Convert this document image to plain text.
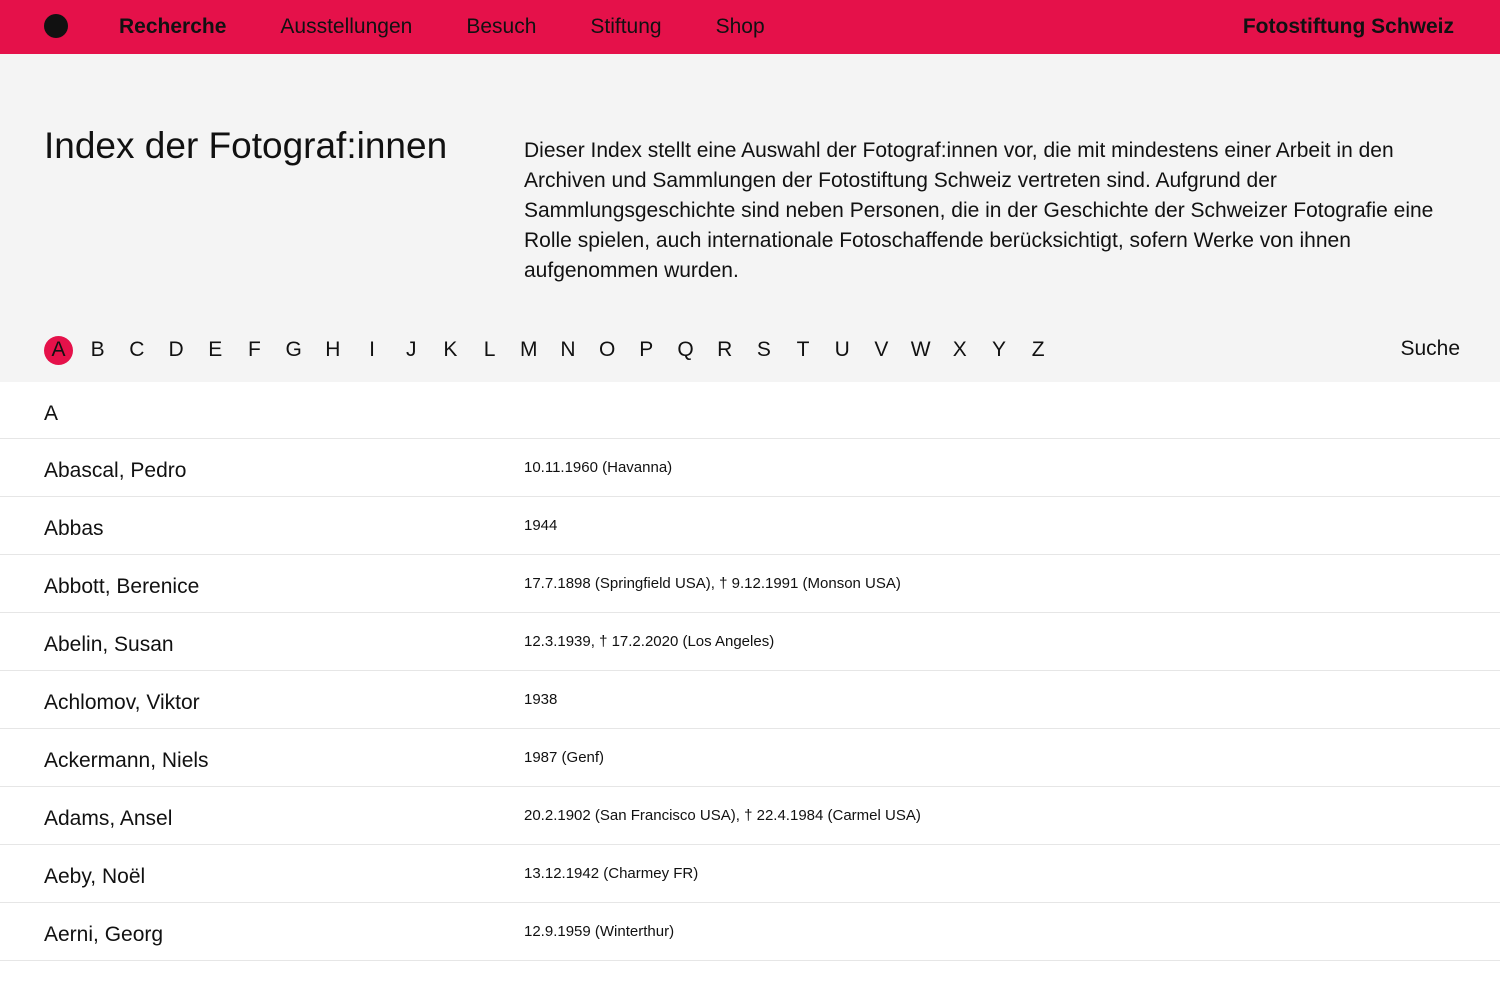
Recherche	Ausstellungen	Besuch	Stiftung	Shop	Fotostiftung Schweiz
Index der Fotograf:innen	Dieser Index stellt eine Auswahl der Fotograf:innen vor, die mit mindestens einer Arbeit in den Archiven und Sammlungen der Fotostiftung Schweiz vertreten sind. Aufgrund der Sammlungsgeschichte sind neben Personen, die in der Geschichte der Schweizer Fotografie eine Rolle spielen, auch internationale Fotoschaffende berücksichtigt, sofern Werke von ihnen aufgenommen wurden.

A	B	C	D	E	F	G	H	I	J	K	L	M	N	O	P	Q	R	S	T	U	V	W	X	Y	Z	Suche
A
Abascal, Pedro	10.11.1960 (Havanna)
Abbas	1944
Abbott, Berenice	17.7.1898 (Springfield USA), † 9.12.1991 (Monson USA)
Abelin, Susan	12.3.1939, † 17.2.2020 (Los Angeles)
Achlomov, Viktor	1938
Ackermann, Niels	1987 (Genf)
Adams, Ansel	20.2.1902 (San Francisco USA), † 22.4.1984 (Carmel USA)
Aeby, Noël	13.12.1942 (Charmey FR)
Aerni, Georg	12.9.1959 (Winterthur)
